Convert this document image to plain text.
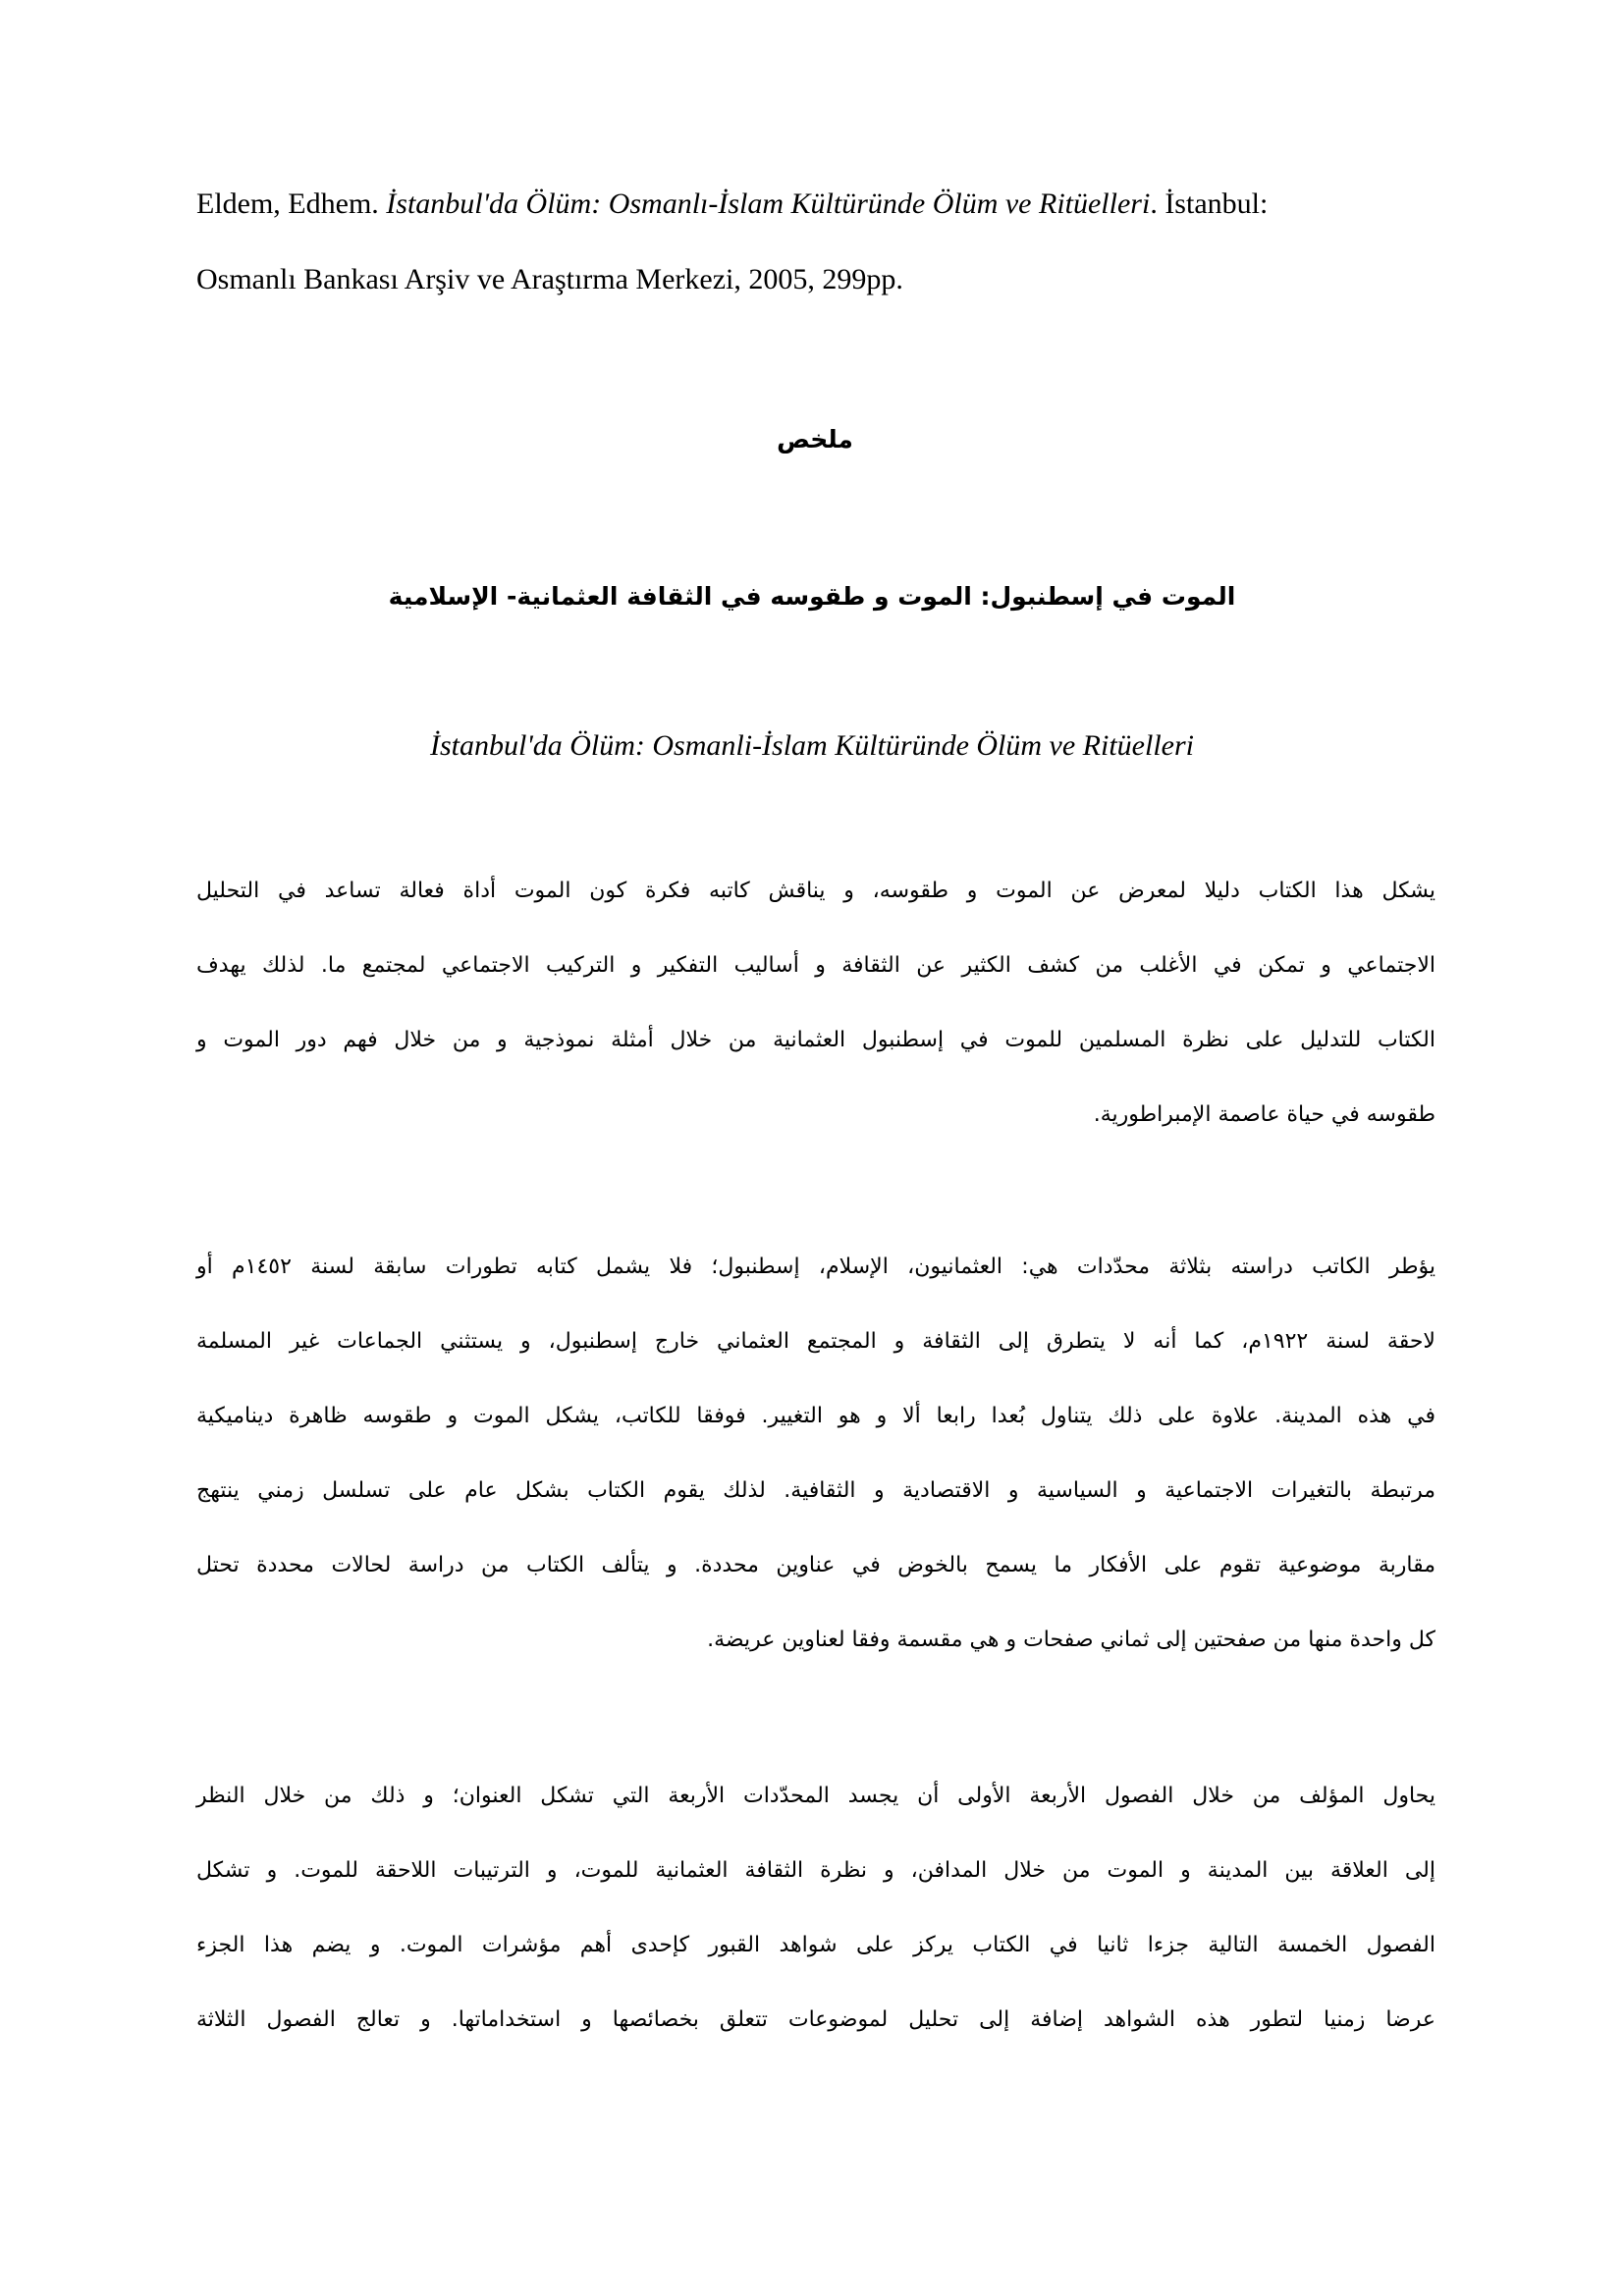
Eldem, Edhem. İstanbul'da Ölüm: Osmanlı-İslam Kültüründe Ölüm ve Ritüelleri. İstanbul:
Osmanlı Bankası Arşiv ve Araştırma Merkezi, 2005, 299pp.

ملخص
الموت في إسطنبول: الموت و طقوسه في الثقافة العثمانية- الإسلامية

İstanbul'da Ölüm: Osmanli-İslam Kültüründe Ölüm ve Ritüelleri

يشكل هذا الكتاب دليلا لمعرض عن الموت و طقوسه، و يناقش كاتبه فكرة كون الموت أداة فعالة تساعد في التحليل
الاجتماعي و تمكن في الأغلب من كشف الكثير عن الثقافة و أساليب التفكير و التركيب الاجتماعي لمجتمع ما. لذلك يهدف
الكتاب للتدليل على نظرة المسلمين للموت في إسطنبول العثمانية من خلال أمثلة نموذجية و من خلال فهم دور الموت و
طقوسه في حياة عاصمة الإمبراطورية.
يؤطر الكاتب دراسته بثلاثة محدّدات هي: العثمانيون، الإسلام، إسطنبول؛ فلا يشمل كتابه تطورات سابقة لسنة ١٤٥٢م أو
لاحقة لسنة ١٩٢٢م، كما أنه لا يتطرق إلى الثقافة و المجتمع العثماني خارج إسطنبول، و يستثني الجماعات غير المسلمة
في هذه المدينة. علاوة على ذلك يتناول بُعدا رابعا ألا و هو التغيير. فوفقا للكاتب، يشكل الموت و طقوسه ظاهرة ديناميكية
مرتبطة بالتغيرات الاجتماعية و السياسية و الاقتصادية و الثقافية. لذلك يقوم الكتاب بشكل عام على تسلسل زمني ينتهج
مقاربة موضوعية تقوم على الأفكار ما يسمح بالخوض في عناوين محددة. و يتألف الكتاب من دراسة لحالات محددة تحتل
كل واحدة منها من صفحتين إلى ثماني صفحات و هي مقسمة وفقا لعناوين عريضة.
يحاول المؤلف من خلال الفصول الأربعة الأولى أن يجسد المحدّدات الأربعة التي تشكل العنوان؛ و ذلك من خلال النظر
إلى العلاقة بين المدينة و الموت من خلال المدافن، و نظرة الثقافة العثمانية للموت، و الترتيبات اللاحقة للموت. و تشكل
الفصول الخمسة التالية جزءا ثانيا في الكتاب يركز على شواهد القبور كإحدى أهم مؤشرات الموت. و يضم هذا الجزء
عرضا زمنيا لتطور هذه الشواهد إضافة إلى تحليل لموضوعات تتعلق بخصائصها و استخداماتها. و تعالج الفصول الثلاثة
